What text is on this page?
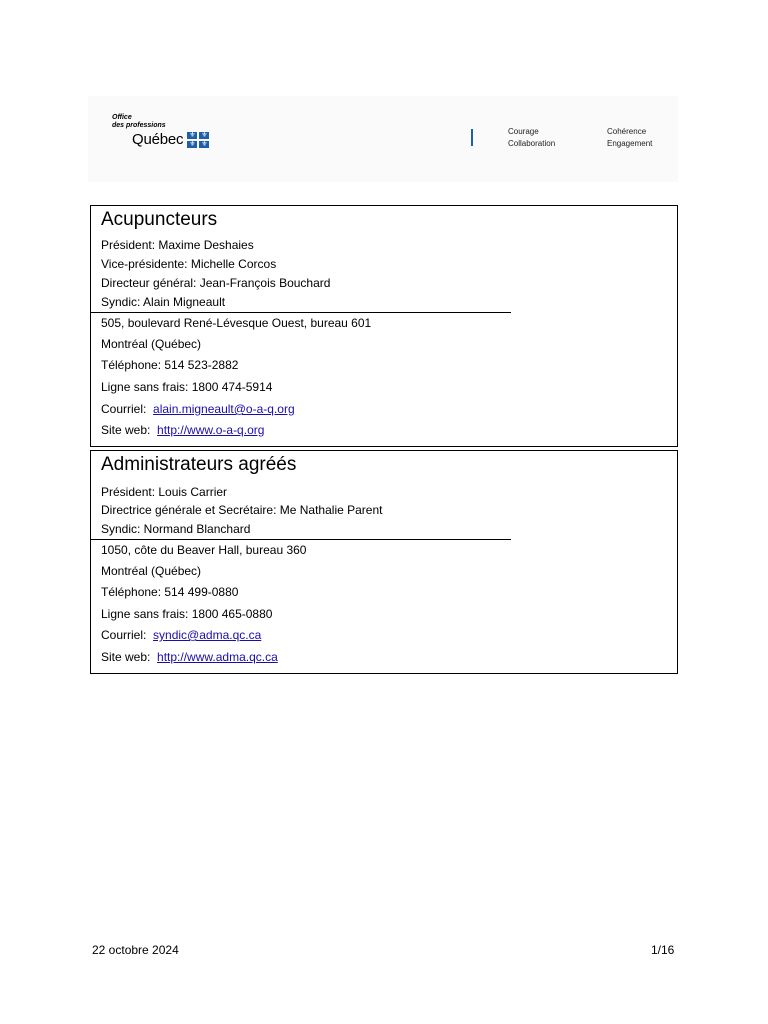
Office
des professions
Québec ⚜ ⚜
⚜ ⚜
Courage
Collaboration
Cohérence
Engagement
Acupuncteurs
Président: Maxime Deshaies
Vice-présidente: Michelle Corcos
Directeur général: Jean-François Bouchard
Syndic: Alain Migneault
505, boulevard René-Lévesque Ouest, bureau 601
Montréal (Québec)
Téléphone: 514 523-2882
Ligne sans frais: 1800 474-5914
Courriel: alain.migneault@o-a-q.org
Site web: http://www.o-a-q.org
Administrateurs agréés
Président: Louis Carrier
Directrice générale et Secrétaire: Me Nathalie Parent
Syndic: Normand Blanchard
1050, côte du Beaver Hall, bureau 360
Montréal (Québec)
Téléphone: 514 499-0880
Ligne sans frais: 1800 465-0880
Courriel: syndic@adma.qc.ca
Site web: http://www.adma.qc.ca
22 octobre 2024	1/16
